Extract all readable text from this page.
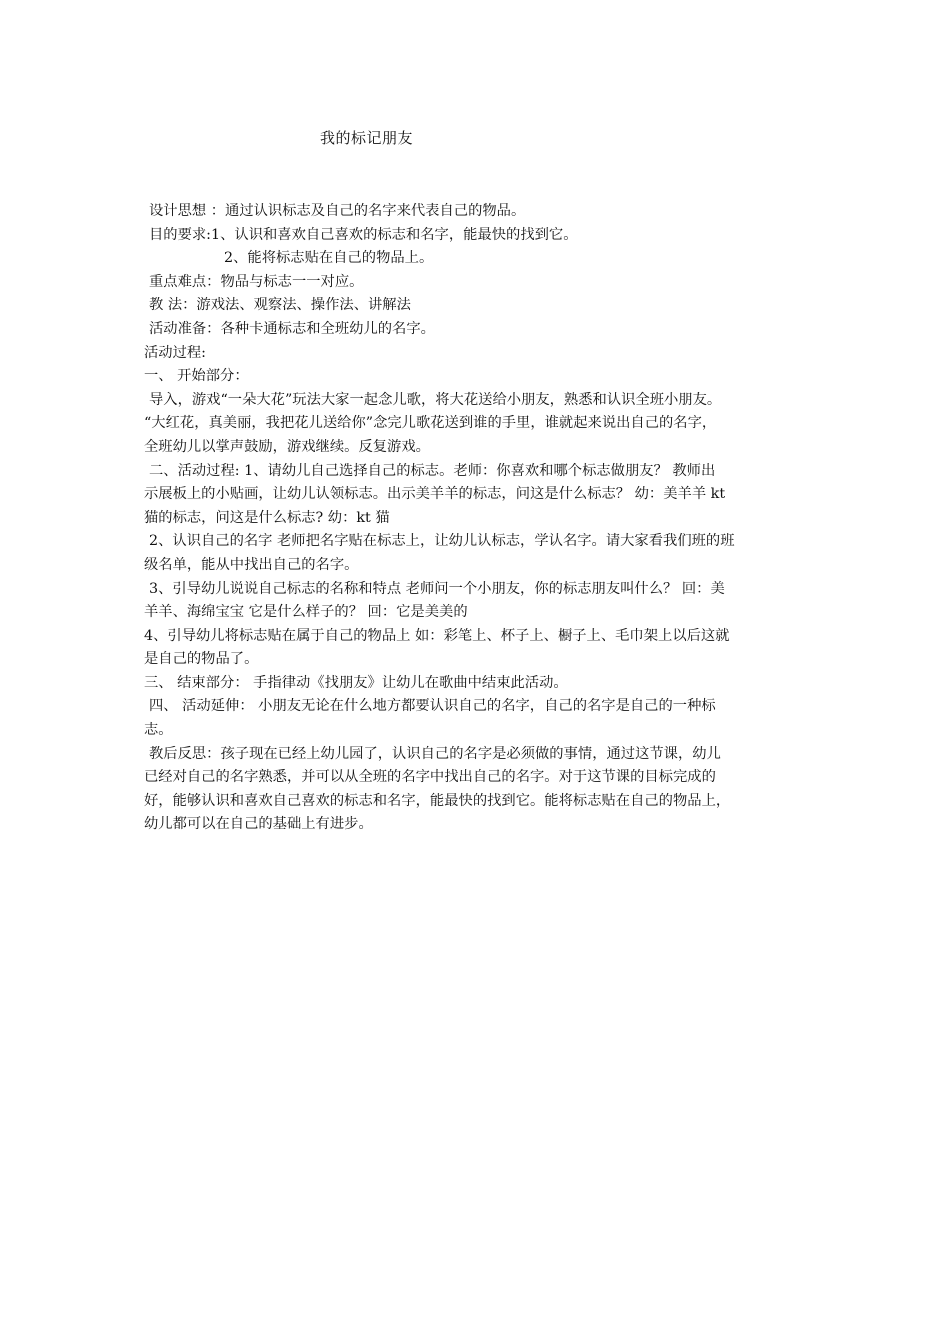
我的标记朋友
设计思想 ：通过认识标志及自己的名字来代表自己的物品。
目的要求:1、认识和喜欢自己喜欢的标志和名字，能最快的找到它。
2、能将标志贴在自己的物品上。
重点难点：物品与标志一一对应。
教 法：游戏法、观察法、操作法、讲解法
活动准备：各种卡通标志和全班幼儿的名字。
活动过程:
一、 开始部分：
导入，游戏“一朵大花”玩法大家一起念儿歌，将大花送给小朋友，熟悉和认识全班小朋友。
“大红花，真美丽，我把花儿送给你”念完儿歌花送到谁的手里，谁就起来说出自己的名字，
全班幼儿以掌声鼓励，游戏继续。反复游戏。
二、活动过程: 1、请幼儿自己选择自己的标志。老师：你喜欢和哪个标志做朋友？ 教师出
示展板上的小贴画，让幼儿认领标志。出示美羊羊的标志，问这是什么标志？ 幼：美羊羊 kt
猫的标志，问这是什么标志? 幼：kt 猫
2、认识自己的名字 老师把名字贴在标志上，让幼儿认标志，学认名字。请大家看我们班的班
级名单，能从中找出自己的名字。
3、引导幼儿说说自己标志的名称和特点 老师问一个小朋友，你的标志朋友叫什么？ 回：美
羊羊、海绵宝宝 它是什么样子的？ 回：它是美美的
4、引导幼儿将标志贴在属于自己的物品上 如：彩笔上、杯子上、橱子上、毛巾架上以后这就
是自己的物品了。
三、 结束部分： 手指律动《找朋友》让幼儿在歌曲中结束此活动。
四、 活动延伸： 小朋友无论在什么地方都要认识自己的名字，自己的名字是自己的一种标
志。
教后反思：孩子现在已经上幼儿园了，认识自己的名字是必须做的事情，通过这节课，幼儿
已经对自己的名字熟悉，并可以从全班的名字中找出自己的名字。对于这节课的目标完成的
好，能够认识和喜欢自己喜欢的标志和名字，能最快的找到它。能将标志贴在自己的物品上，
幼儿都可以在自己的基础上有进步。
